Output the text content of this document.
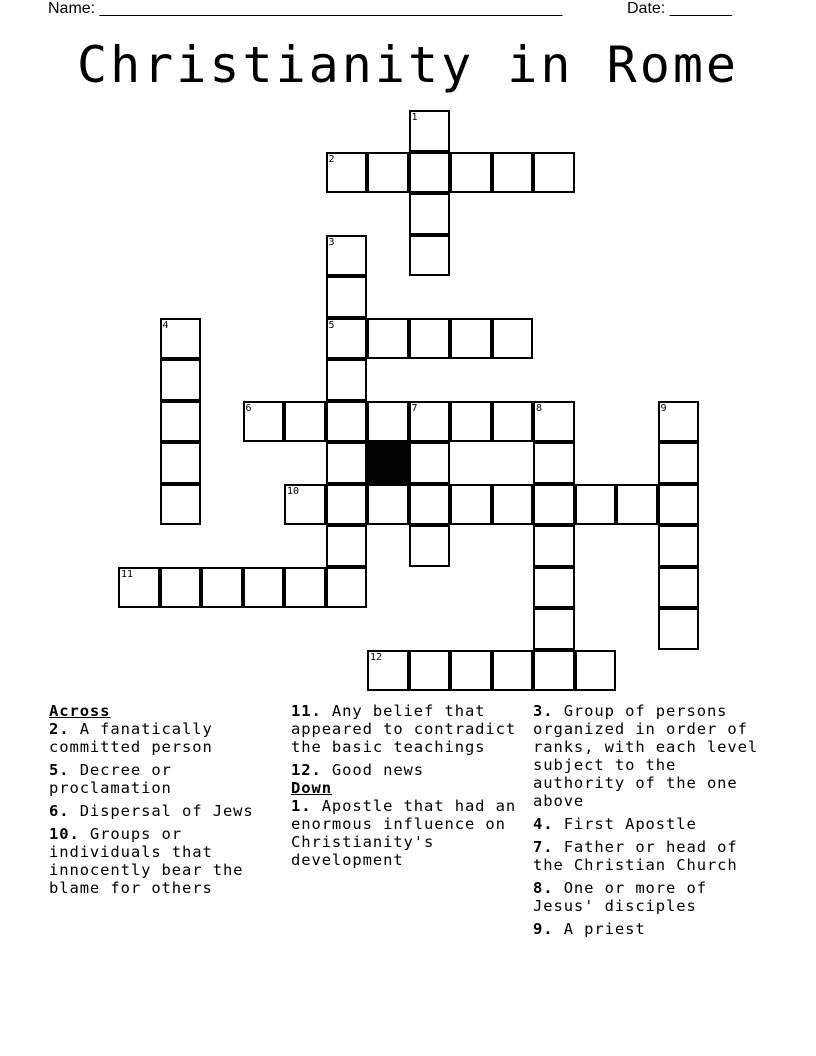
Name: ____________________________________________________	Date: _______
Christianity in Rome
1
2
3
4	5
6	7	8	9
10
11
12
Across
2. A fanatically committed person
5. Decree or proclamation
6. Dispersal of Jews
10. Groups or individuals that innocently bear the blame for others
11. Any belief that appeared to contradict the basic teachings
12. Good news
Down
1. Apostle that had an enormous influence on Christianity's development
3. Group of persons organized in order of ranks, with each level subject to the authority of the one above
4. First Apostle
7. Father or head of the Christian Church
8. One or more of Jesus' disciples
9. A priest
